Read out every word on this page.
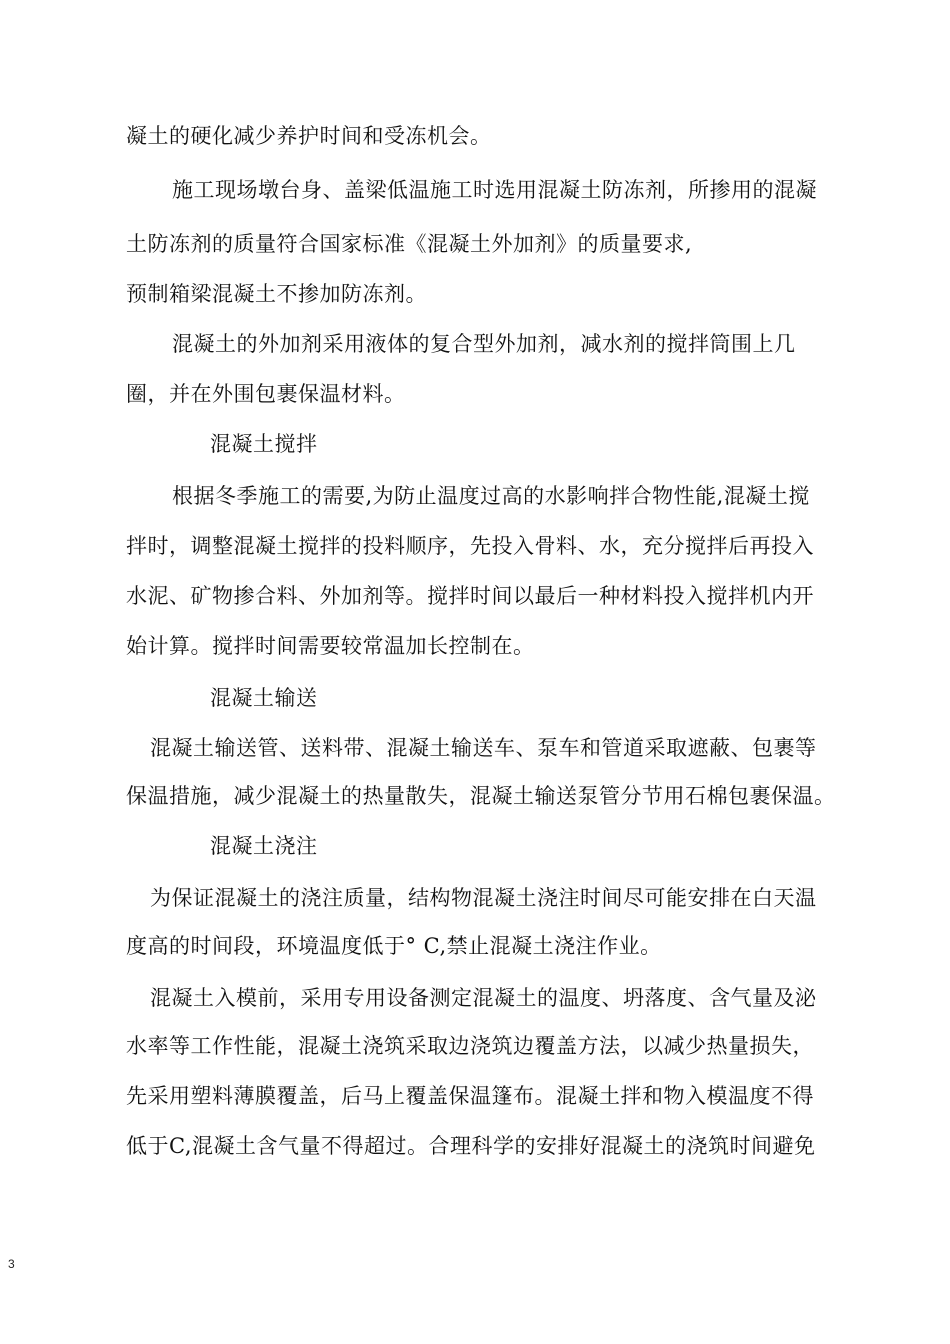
凝土的硬化减少养护时间和受冻机会。
施工现场墩台身、盖梁低温施工时选用混凝土防冻剂，所掺用的混凝
土防冻剂的质量符合国家标准《混凝土外加剂》的质量要求,
预制箱梁混凝土不掺加防冻剂。
混凝土的外加剂采用液体的复合型外加剂，减水剂的搅拌筒围上几
圈，并在外围包裹保温材料。
混凝土搅拌
根据冬季施工的需要,为防止温度过高的水影响拌合物性能,混凝土搅
拌时，调整混凝土搅拌的投料顺序，先投入骨料、水，充分搅拌后再投入
水泥、矿物掺合料、外加剂等。搅拌时间以最后一种材料投入搅拌机内开
始计算。搅拌时间需要较常温加长控制在。
混凝土输送
混凝土输送管、送料带、混凝土输送车、泵车和管道采取遮蔽、包裹等
保温措施，减少混凝土的热量散失，混凝土输送泵管分节用石棉包裹保温。
混凝土浇注
为保证混凝土的浇注质量，结构物混凝土浇注时间尽可能安排在白天温
度高的时间段，环境温度低于° C,禁止混凝土浇注作业。
混凝土入模前，采用专用设备测定混凝土的温度、坍落度、含气量及泌
水率等工作性能，混凝土浇筑采取边浇筑边覆盖方法，以减少热量损失，
先采用塑料薄膜覆盖，后马上覆盖保温篷布。混凝土拌和物入模温度不得
低于C,混凝土含气量不得超过。合理科学的安排好混凝土的浇筑时间避免
3
